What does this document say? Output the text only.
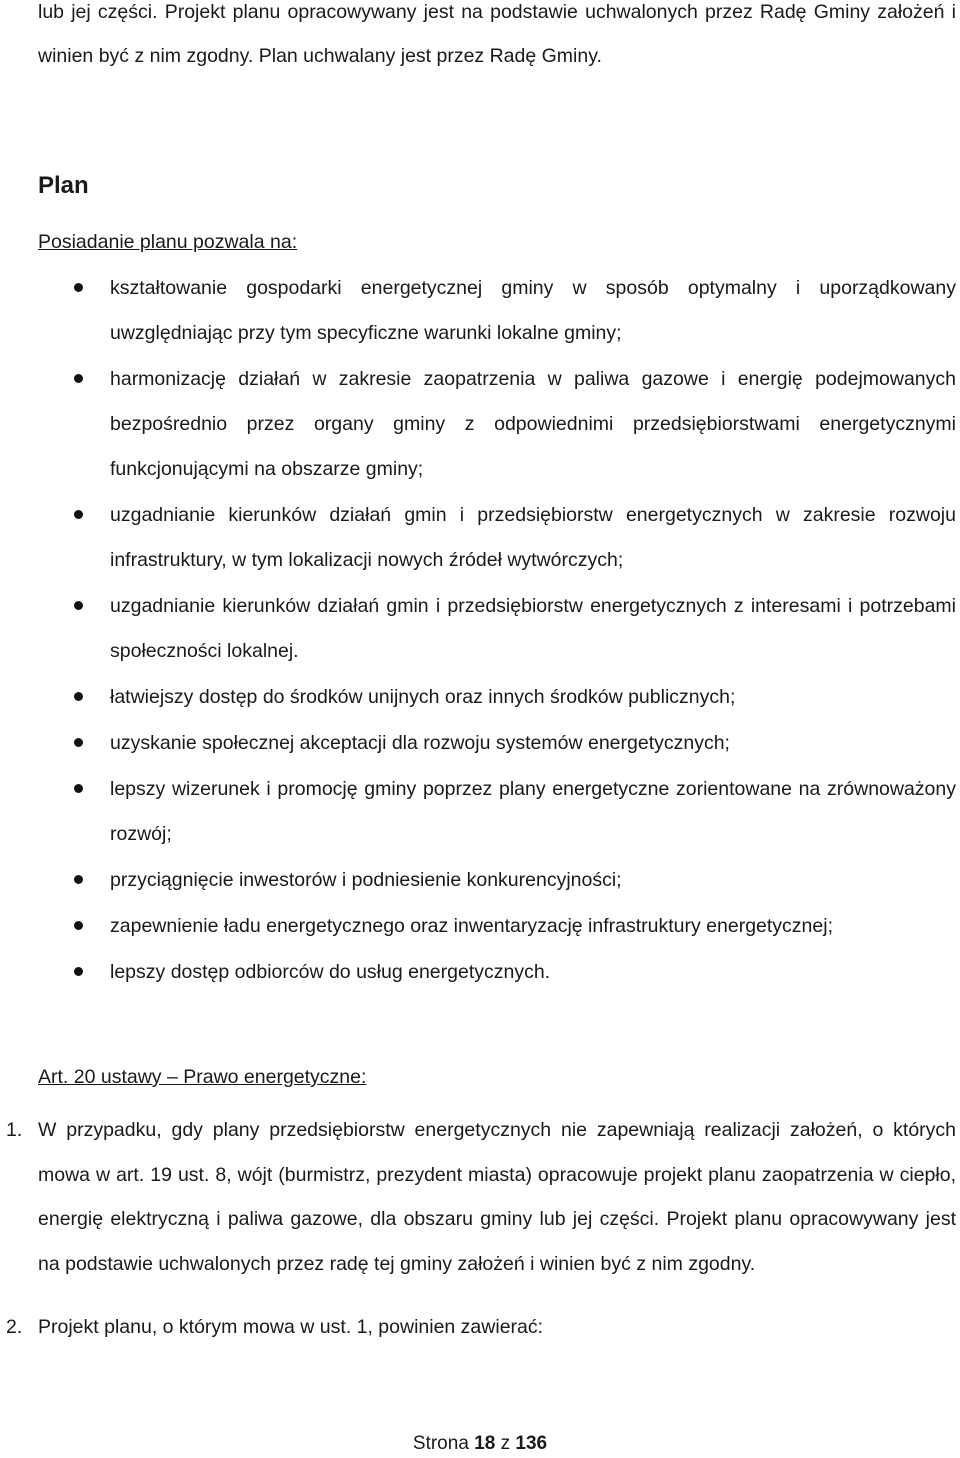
lub jej części. Projekt planu opracowywany jest na podstawie uchwalonych przez Radę Gminy założeń i winien być z nim zgodny. Plan uchwalany jest przez Radę Gminy.

Plan

Posiadanie planu pozwala na:

kształtowanie gospodarki energetycznej gminy w sposób optymalny i uporządkowany uwzględniając przy tym specyficzne warunki lokalne gminy;
harmonizację działań w zakresie zaopatrzenia w paliwa gazowe i energię podejmowanych bezpośrednio przez organy gminy z odpowiednimi przedsiębiorstwami energetycznymi funkcjonującymi na obszarze gminy;
uzgadnianie kierunków działań gmin i przedsiębiorstw energetycznych w zakresie rozwoju infrastruktury, w tym lokalizacji nowych źródeł wytwórczych;
uzgadnianie kierunków działań gmin i przedsiębiorstw energetycznych z interesami i potrzebami społeczności lokalnej.
łatwiejszy dostęp do środków unijnych oraz innych środków publicznych;
uzyskanie społecznej akceptacji dla rozwoju systemów energetycznych;
lepszy wizerunek i promocję gminy poprzez plany energetyczne zorientowane na zrównoważony rozwój;
przyciągnięcie inwestorów i podniesienie konkurencyjności;
zapewnienie ładu energetycznego oraz inwentaryzację infrastruktury energetycznej;
lepszy dostęp odbiorców do usług energetycznych.

Art. 20 ustawy – Prawo energetyczne:

1. W przypadku, gdy plany przedsiębiorstw energetycznych nie zapewniają realizacji założeń, o których mowa w art. 19 ust. 8, wójt (burmistrz, prezydent miasta) opracowuje projekt planu zaopatrzenia w ciepło, energię elektryczną i paliwa gazowe, dla obszaru gminy lub jej części. Projekt planu opracowywany jest na podstawie uchwalonych przez radę tej gminy założeń i winien być z nim zgodny.
2. Projekt planu, o którym mowa w ust. 1, powinien zawierać:
Strona 18 z 136
